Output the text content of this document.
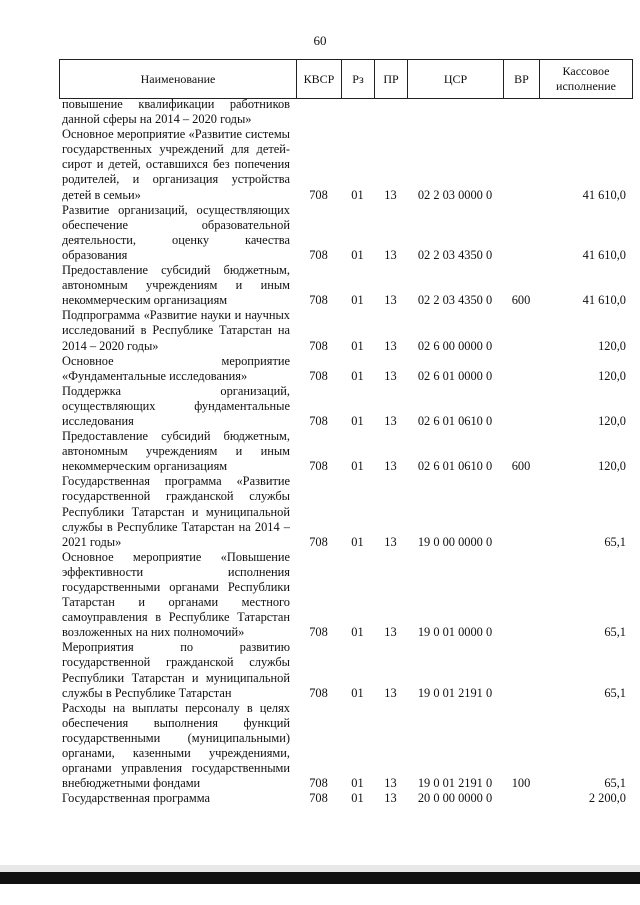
60
Наименование	КВСР	Рз	ПР	ЦСР	ВР	Кассовое исполнение
повышение квалификации работников данной сферы на 2014 – 2020 годы»						
Основное мероприятие «Развитие системы государственных учреждений для детей-сирот и детей, оставшихся без попечения родителей, и организация устройства детей в семьи»	708	01	13	02 2 03 0000 0		41 610,0
Развитие организаций, осуществляющих обеспечение образовательной деятельности, оценку качества образования	708	01	13	02 2 03 4350 0		41 610,0
Предоставление субсидий бюджетным, автономным учреждениям и иным некоммерческим организациям	708	01	13	02 2 03 4350 0	600	41 610,0
Подпрограмма «Развитие науки и научных исследований в Республике Татарстан на 2014 – 2020 годы»	708	01	13	02 6 00 0000 0		120,0
Основное мероприятие «Фундаментальные исследования»	708	01	13	02 6 01 0000 0		120,0
Поддержка организаций, осуществляющих фундаментальные исследования	708	01	13	02 6 01 0610 0		120,0
Предоставление субсидий бюджетным, автономным учреждениям и иным некоммерческим организациям	708	01	13	02 6 01 0610 0	600	120,0
Государственная программа «Развитие государственной гражданской службы Республики Татарстан и муниципальной службы в Республике Татарстан на 2014 – 2021 годы»	708	01	13	19 0 00 0000 0		65,1
Основное мероприятие «Повышение эффективности исполнения государственными органами Республики Татарстан и органами местного самоуправления в Республике Татарстан возложенных на них полномочий»	708	01	13	19 0 01 0000 0		65,1
Мероприятия по развитию государственной гражданской службы Республики Татарстан и муниципальной службы в Республике Татарстан	708	01	13	19 0 01 2191 0		65,1
Расходы на выплаты персоналу в целях обеспечения выполнения функций государственными (муниципальными) органами, казенными учреждениями, органами управления государственными внебюджетными фондами	708	01	13	19 0 01 2191 0	100	65,1
Государственная программа	708	01	13	20 0 00 0000 0		2 200,0
